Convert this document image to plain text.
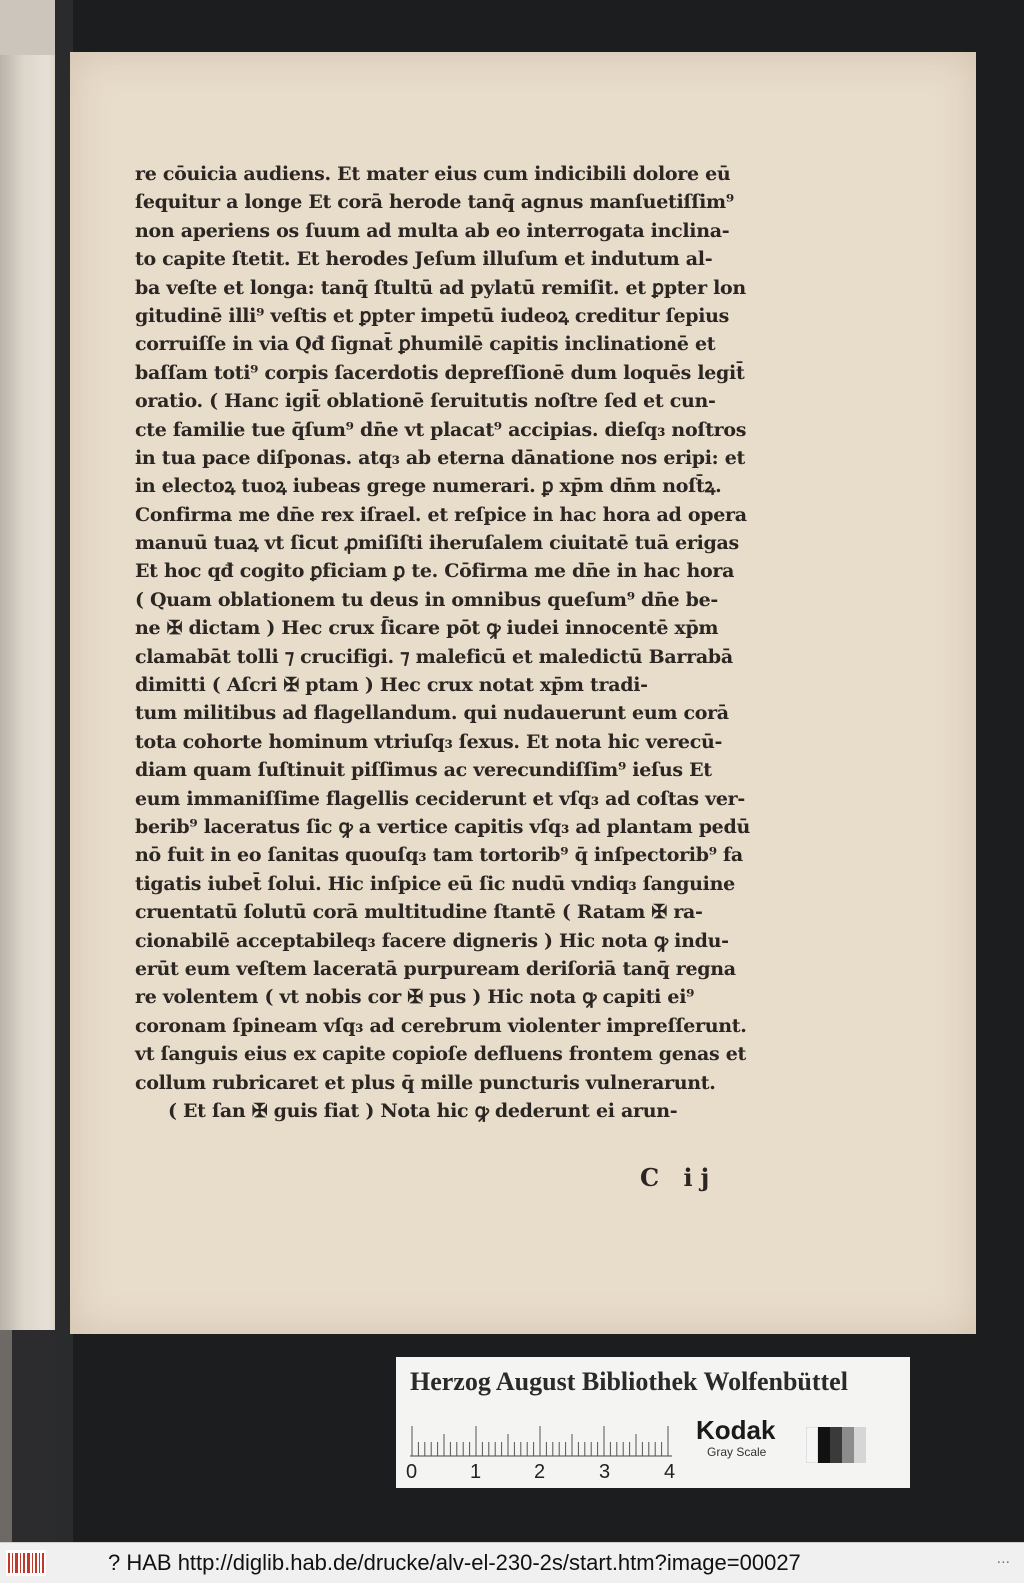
re cōuicia audiens. Et mater eius cum indicibili dolore eū
ſequitur a longe Et corā herode tanq̄ agnus manſuetiſſim⁹
non aperiens os ſuum ad multa ab eo interrogata inclina-
to capite ſtetit. Et herodes Jeſum illuſum et indutum al-
ba veſte et longa: tanq̄ ſtultū ad pylatū remiſit. et ꝑpter lon
gitudinē illi⁹ veſtis et ꝑpter impetū iudeoꝝ creditur ſepius
corruiſſe in via Qđ ſignat̄ ꝑhumilē capitis inclinationē et
baſſam toti⁹ corpis ſacerdotis depreſſionē dum loquēs legit̄
oratio. ( Hanc igit̄ oblationē ſeruitutis noſtre ſed et cun-
cte familie tue q̄ſum⁹ dn̄e vt placat⁹ accipias. dieſq₃ noſtros
in tua pace diſponas. atq₃ ab eterna dānatione nos eripi: et
in electoꝝ tuoꝝ iubeas grege numerari. ꝑ xp̄m dn̄m noſt̄ꝝ.
Confirma me dn̄e rex iſrael. et reſpice in hac hora ad opera
manuū tuaꝝ vt ſicut ꝓmiſiſti iheruſalem ciuitatē tuā erigas
Et hoc qđ cogito ꝑficiam ꝑ te. Cōfirma me dn̄e in hac hora
( Quam oblationem tu deus in omnibus queſum⁹ dn̄e be-
ne ✠ dictam ) Hec crux ſ̄icare pōt ꝙ iudei innocentē xp̄m
clamabāt tolli ⁊ crucifigi. ⁊ maleficū et maledictū Barrabā
dimitti ( Aſcri ✠ ptam ) Hec crux notat xp̄m tradi-
tum militibus ad flagellandum. qui nudauerunt eum corā
tota cohorte hominum vtriuſq₃ ſexus. Et nota hic verecū-
diam quam ſuſtinuit piſſimus ac verecundiſſim⁹ ieſus Et
eum immaniſſime flagellis ceciderunt et vſq₃ ad coſtas ver-
berib⁹ laceratus ſic ꝙ a vertice capitis vſq₃ ad plantam pedū
nō fuit in eo ſanitas quouſq₃ tam tortorib⁹ q̄ inſpectorib⁹ fa
tigatis iubet̄ ſolui. Hic inſpice eū ſic nudū vndiq₃ ſanguine
cruentatū ſolutū corā multitudine ſtantē ( Ratam ✠ ra-
cionabilē acceptabileq₃ facere digneris ) Hic nota ꝙ indu-
erūt eum veſtem laceratā purpuream deriſoriā tanq̄ regna
re volentem ( vt nobis cor ✠ pus ) Hic nota ꝙ capiti ei⁹
coronam ſpineam vſq₃ ad cerebrum violenter impreſſerunt.
vt ſanguis eius ex capite copioſe defluens frontem genas et
collum rubricaret et plus q̄ mille puncturis vulnerarunt.
( Et ſan ✠ guis fiat ) Nota hic ꝙ dederunt ei arun-
C ij
Herzog August Bibliothek Wolfenbüttel
0	1	2	3	4
Kodak
Gray Scale
? HAB http://diglib.hab.de/drucke/alv-el-230-2s/start.htm?image=00027	...
